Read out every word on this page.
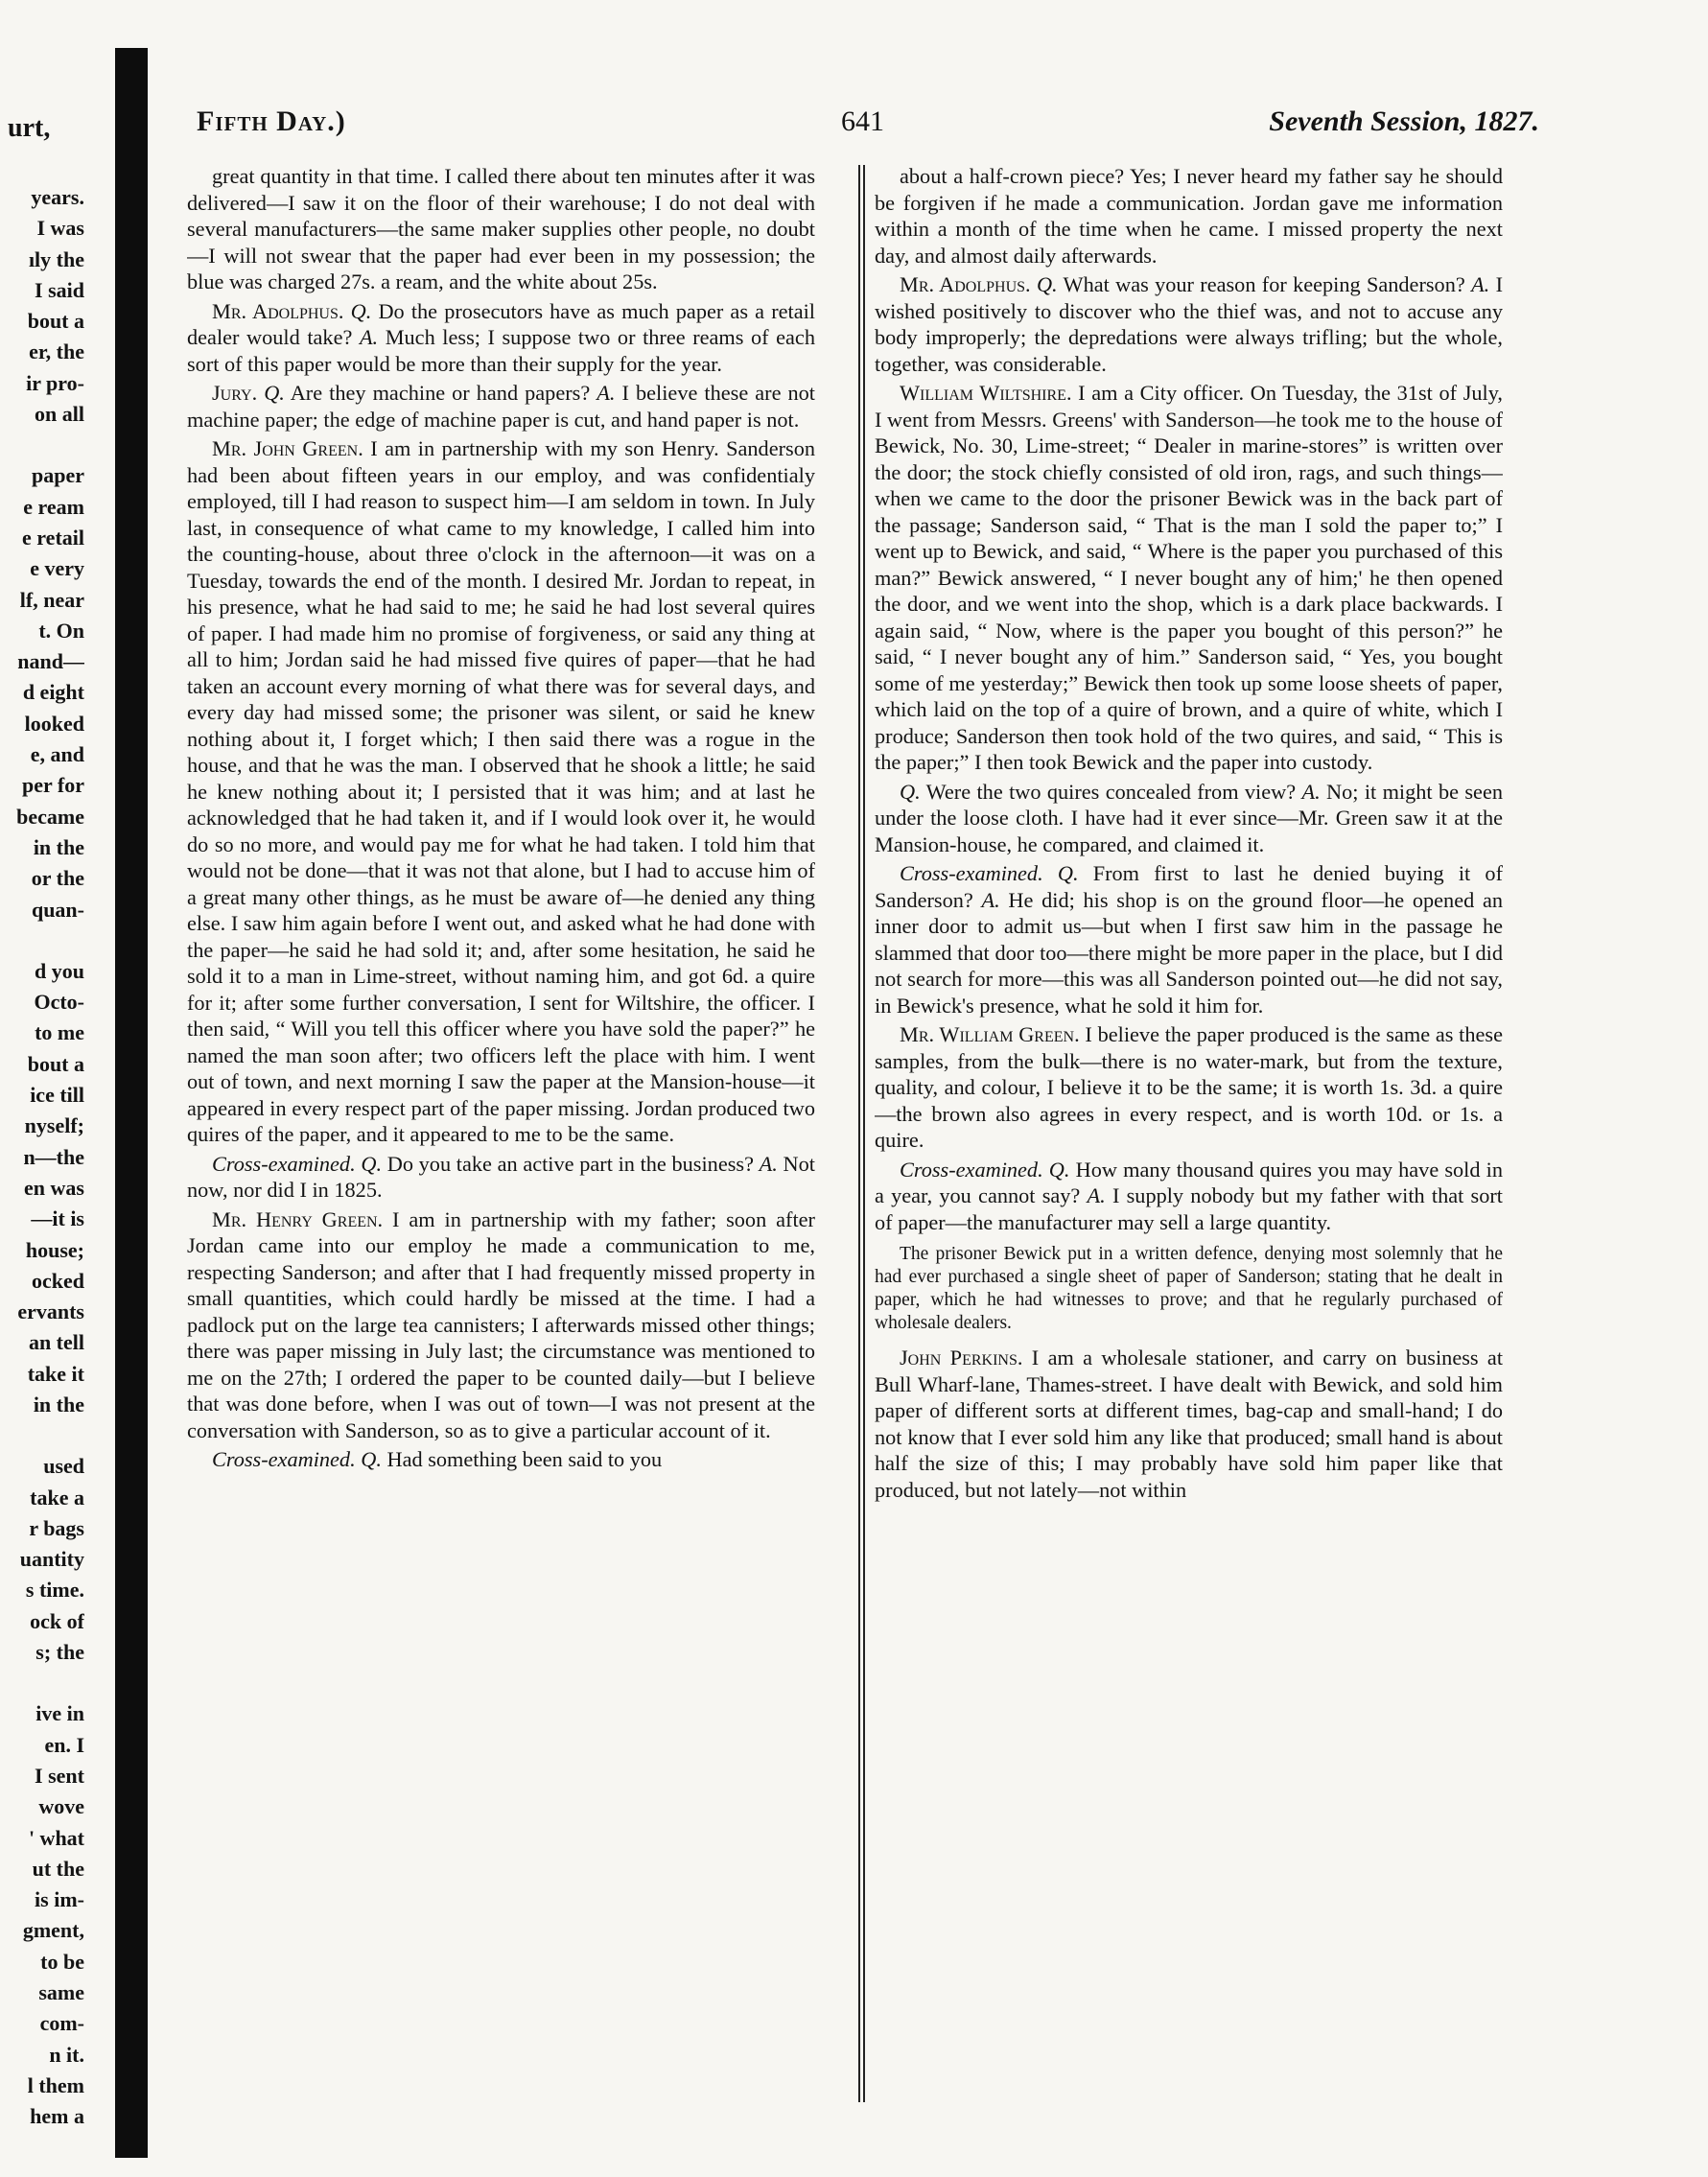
urt,
years.
I was
ıly the
I said
bout a
er, the
ir pro-
on all

paper
e ream
e retail
e very
lf, near
t. On
nand—
d eight
looked
e, and
per for
became
in the
or the
quan-

d you
Octo-
to me
bout a
ice till
nyself;
n—the
en was
—it is
house;
ocked
ervants
an tell
take it
in the

used
take a
r bags
uantity
s time.
ock of
s; the

ive in
en. I
I sent
wove
' what
ut the
is im-
gment,
to be
same
com-
n it.
l them
hem a
Fifth Day.)	641	Seventh Session, 1827.

great quantity in that time. I called there about ten minutes after it was delivered—I saw it on the floor of their warehouse; I do not deal with several manufacturers—the same maker supplies other people, no doubt—I will not swear that the paper had ever been in my possession; the blue was charged 27s. a ream, and the white about 25s.

Mr. Adolphus. Q. Do the prosecutors have as much paper as a retail dealer would take? A. Much less; I suppose two or three reams of each sort of this paper would be more than their supply for the year.

Jury. Q. Are they machine or hand papers? A. I believe these are not machine paper; the edge of machine paper is cut, and hand paper is not.

Mr. John Green. I am in partnership with my son Henry. Sanderson had been about fifteen years in our employ, and was confidentialy employed, till I had reason to suspect him—I am seldom in town. In July last, in consequence of what came to my knowledge, I called him into the counting-house, about three o'clock in the afternoon—it was on a Tuesday, towards the end of the month. I desired Mr. Jordan to repeat, in his presence, what he had said to me; he said he had lost several quires of paper. I had made him no promise of forgiveness, or said any thing at all to him; Jordan said he had missed five quires of paper—that he had taken an account every morning of what there was for several days, and every day had missed some; the prisoner was silent, or said he knew nothing about it, I forget which; I then said there was a rogue in the house, and that he was the man. I observed that he shook a little; he said he knew nothing about it; I persisted that it was him; and at last he acknowledged that he had taken it, and if I would look over it, he would do so no more, and would pay me for what he had taken. I told him that would not be done—that it was not that alone, but I had to accuse him of a great many other things, as he must be aware of—he denied any thing else. I saw him again before I went out, and asked what he had done with the paper—he said he had sold it; and, after some hesitation, he said he sold it to a man in Lime-street, without naming him, and got 6d. a quire for it; after some further conversation, I sent for Wiltshire, the officer. I then said, “ Will you tell this officer where you have sold the paper?” he named the man soon after; two officers left the place with him. I went out of town, and next morning I saw the paper at the Mansion-house—it appeared in every respect part of the paper missing. Jordan produced two quires of the paper, and it appeared to me to be the same.

Cross-examined. Q. Do you take an active part in the business? A. Not now, nor did I in 1825.

Mr. Henry Green. I am in partnership with my father; soon after Jordan came into our employ he made a communication to me, respecting Sanderson; and after that I had frequently missed property in small quantities, which could hardly be missed at the time. I had a padlock put on the large tea cannisters; I afterwards missed other things; there was paper missing in July last; the circumstance was mentioned to me on the 27th; I ordered the paper to be counted daily—but I believe that was done before, when I was out of town—I was not present at the conversation with Sanderson, so as to give a particular account of it.

Cross-examined. Q. Had something been said to you

about a half-crown piece? Yes; I never heard my father say he should be forgiven if he made a communication. Jordan gave me information within a month of the time when he came. I missed property the next day, and almost daily afterwards.

Mr. Adolphus. Q. What was your reason for keeping Sanderson? A. I wished positively to discover who the thief was, and not to accuse any body improperly; the depredations were always trifling; but the whole, together, was considerable.

William Wiltshire. I am a City officer. On Tuesday, the 31st of July, I went from Messrs. Greens' with Sanderson—he took me to the house of Bewick, No. 30, Lime-street; “ Dealer in marine-stores” is written over the door; the stock chiefly consisted of old iron, rags, and such things—when we came to the door the prisoner Bewick was in the back part of the passage; Sanderson said, “ That is the man I sold the paper to;” I went up to Bewick, and said, “ Where is the paper you purchased of this man?” Bewick answered, “ I never bought any of him;' he then opened the door, and we went into the shop, which is a dark place backwards. I again said, “ Now, where is the paper you bought of this person?” he said, “ I never bought any of him.” Sanderson said, “ Yes, you bought some of me yesterday;” Bewick then took up some loose sheets of paper, which laid on the top of a quire of brown, and a quire of white, which I produce; Sanderson then took hold of the two quires, and said, “ This is the paper;” I then took Bewick and the paper into custody.

Q. Were the two quires concealed from view? A. No; it might be seen under the loose cloth. I have had it ever since—Mr. Green saw it at the Mansion-house, he compared, and claimed it.

Cross-examined. Q. From first to last he denied buying it of Sanderson? A. He did; his shop is on the ground floor—he opened an inner door to admit us—but when I first saw him in the passage he slammed that door too—there might be more paper in the place, but I did not search for more—this was all Sanderson pointed out—he did not say, in Bewick's presence, what he sold it him for.

Mr. William Green. I believe the paper produced is the same as these samples, from the bulk—there is no water-mark, but from the texture, quality, and colour, I believe it to be the same; it is worth 1s. 3d. a quire—the brown also agrees in every respect, and is worth 10d. or 1s. a quire.

Cross-examined. Q. How many thousand quires you may have sold in a year, you cannot say? A. I supply nobody but my father with that sort of paper—the manufacturer may sell a large quantity.

The prisoner Bewick put in a written defence, denying most solemnly that he had ever purchased a single sheet of paper of Sanderson; stating that he dealt in paper, which he had witnesses to prove; and that he regularly purchased of wholesale dealers.

John Perkins. I am a wholesale stationer, and carry on business at Bull Wharf-lane, Thames-street. I have dealt with Bewick, and sold him paper of different sorts at different times, bag-cap and small-hand; I do not know that I ever sold him any like that produced; small hand is about half the size of this; I may probably have sold him paper like that produced, but not lately—not within
